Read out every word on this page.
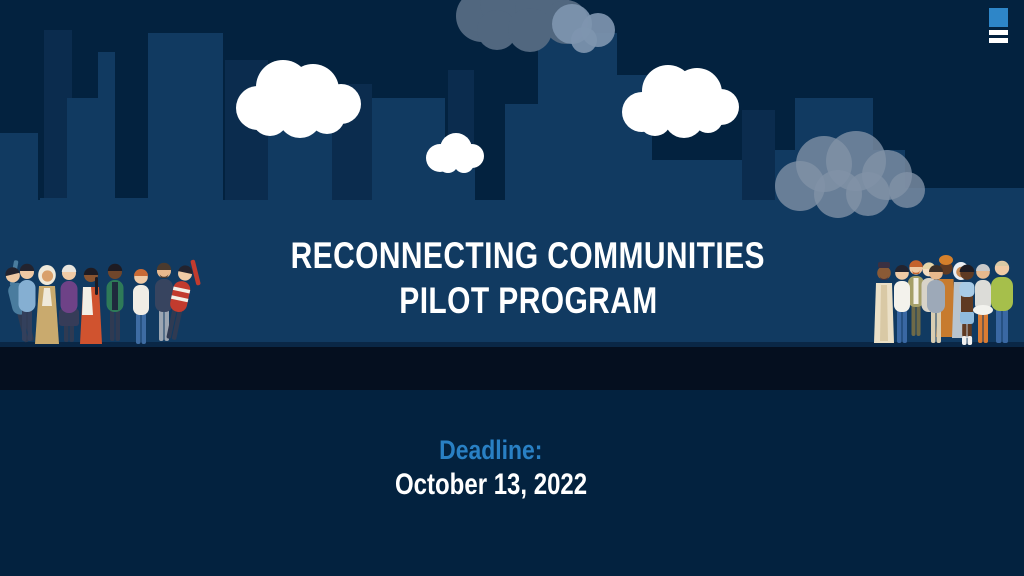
RECONNECTING COMMUNITIES
PILOT PROGRAM
Deadline:
October 13, 2022
